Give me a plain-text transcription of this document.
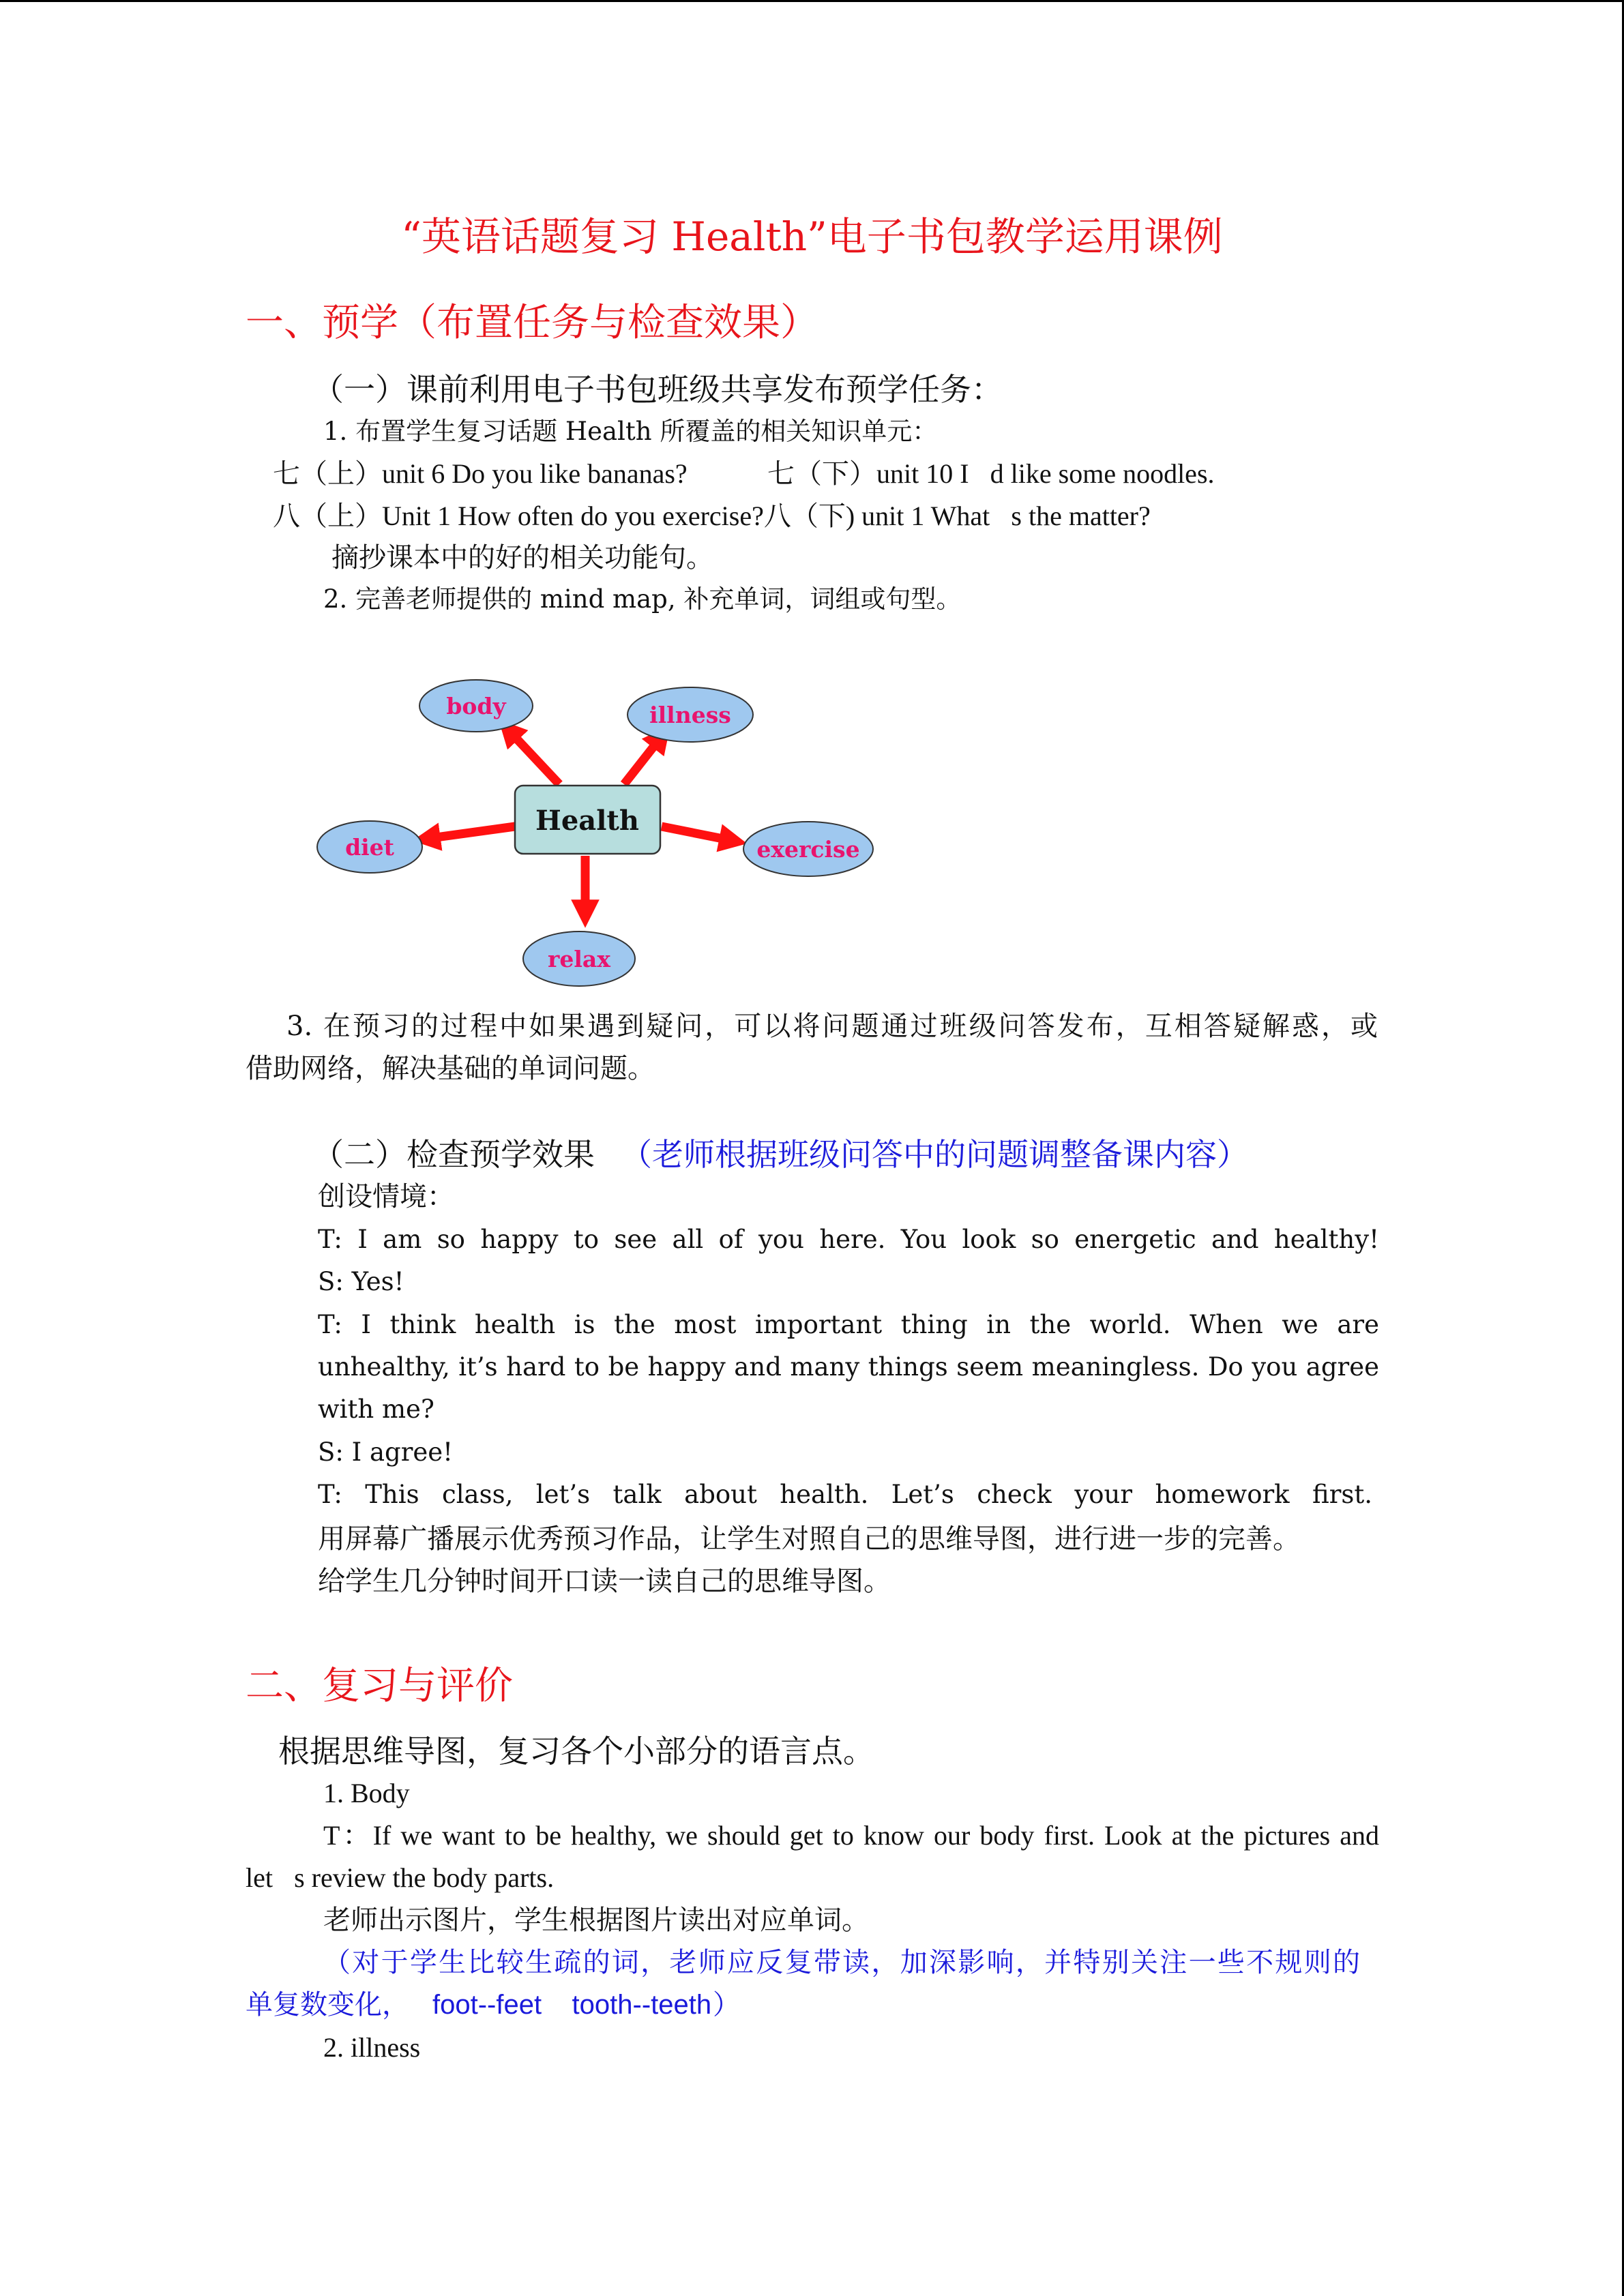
“英语话题复习 Health”电子书包教学运用课例
一、预学（布置任务与检查效果）
（一）课前利用电子书包班级共享发布预学任务：
1. 布置学生复习话题 Health 所覆盖的相关知识单元：
七（上）unit 6 Do you like bananas?	七（下）unit 10 I d like some noodles.
八（上）Unit 1 How often do you exercise?八（下) unit 1 What s the matter?
摘抄课本中的好的相关功能句。
2. 完善老师提供的 mind map, 补充单词，词组或句型。
Health
body	illness
diet	exercise
relax
3. 在预习的过程中如果遇到疑问，可以将问题通过班级问答发布，互相答疑解惑，或
借助网络，解决基础的单词问题。
（二）检查预学效果 （老师根据班级问答中的问题调整备课内容）
创设情境：
T: I am so happy to see all of you here. You look so energetic and healthy!
S: Yes!
T: I think health is the most important thing in the world. When we are
unhealthy, it’s hard to be happy and many things seem meaningless. Do you agree
with me?
S: I agree!
T: This class, let’s talk about health. Let’s check your homework first.
用屏幕广播展示优秀预习作品，让学生对照自己的思维导图，进行进一步的完善。
给学生几分钟时间开口读一读自己的思维导图。
二、复习与评价
根据思维导图，复习各个小部分的语言点。
1. Body
T：If we want to be healthy, we should get to know our body first. Look at the pictures and
let s review the body parts.
老师出示图片，学生根据图片读出对应单词。
（对于学生比较生疏的词，老师应反复带读，加深影响，并特别关注一些不规则的
单复数变化， foot--feet    tooth--teeth ）
2. illness
